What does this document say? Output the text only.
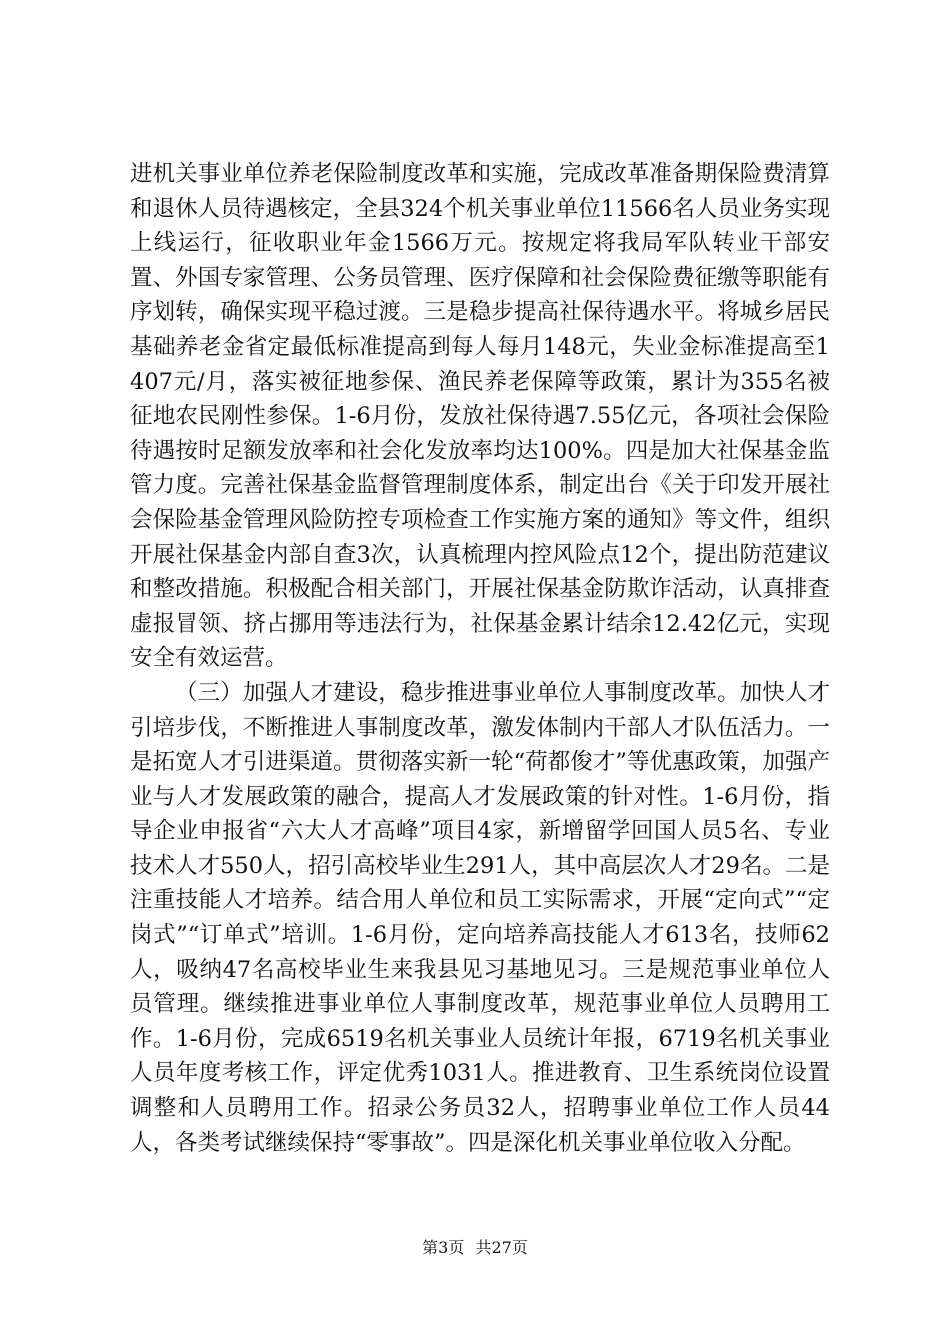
进机关事业单位养老保险制度改革和实施，完成改革准备期保险费清算和退休人员待遇核定，全县324个机关事业单位11566名人员业务实现上线运行，征收职业年金1566万元。按规定将我局军队转业干部安置、外国专家管理、公务员管理、医疗保障和社会保险费征缴等职能有序划转，确保实现平稳过渡。三是稳步提高社保待遇水平。将城乡居民基础养老金省定最低标准提高到每人每月148元，失业金标准提高至1407元/月，落实被征地参保、渔民养老保障等政策，累计为355名被征地农民刚性参保。1-6月份，发放社保待遇7.55亿元，各项社会保险待遇按时足额发放率和社会化发放率均达100%。四是加大社保基金监管力度。完善社保基金监督管理制度体系，制定出台《关于印发开展社会保险基金管理风险防控专项检查工作实施方案的通知》等文件，组织开展社保基金内部自查3次，认真梳理内控风险点12个，提出防范建议和整改措施。积极配合相关部门，开展社保基金防欺诈活动，认真排查虚报冒领、挤占挪用等违法行为，社保基金累计结余12.42亿元，实现安全有效运营。

（三）加强人才建设，稳步推进事业单位人事制度改革。加快人才引培步伐，不断推进人事制度改革，激发体制内干部人才队伍活力。一是拓宽人才引进渠道。贯彻落实新一轮“荷都俊才”等优惠政策，加强产业与人才发展政策的融合，提高人才发展政策的针对性。1-6月份，指导企业申报省“六大人才高峰”项目4家，新增留学回国人员5名、专业技术人才550人，招引高校毕业生291人，其中高层次人才29名。二是注重技能人才培养。结合用人单位和员工实际需求，开展“定向式”“定岗式”“订单式”培训。1-6月份，定向培养高技能人才613名，技师62人，吸纳47名高校毕业生来我县见习基地见习。三是规范事业单位人员管理。继续推进事业单位人事制度改革，规范事业单位人员聘用工作。1-6月份，完成6519名机关事业人员统计年报，6719名机关事业人员年度考核工作，评定优秀1031人。推进教育、卫生系统岗位设置调整和人员聘用工作。招录公务员32人，招聘事业单位工作人员44人，各类考试继续保持“零事故”。四是深化机关事业单位收入分配。

第3页 共27页
